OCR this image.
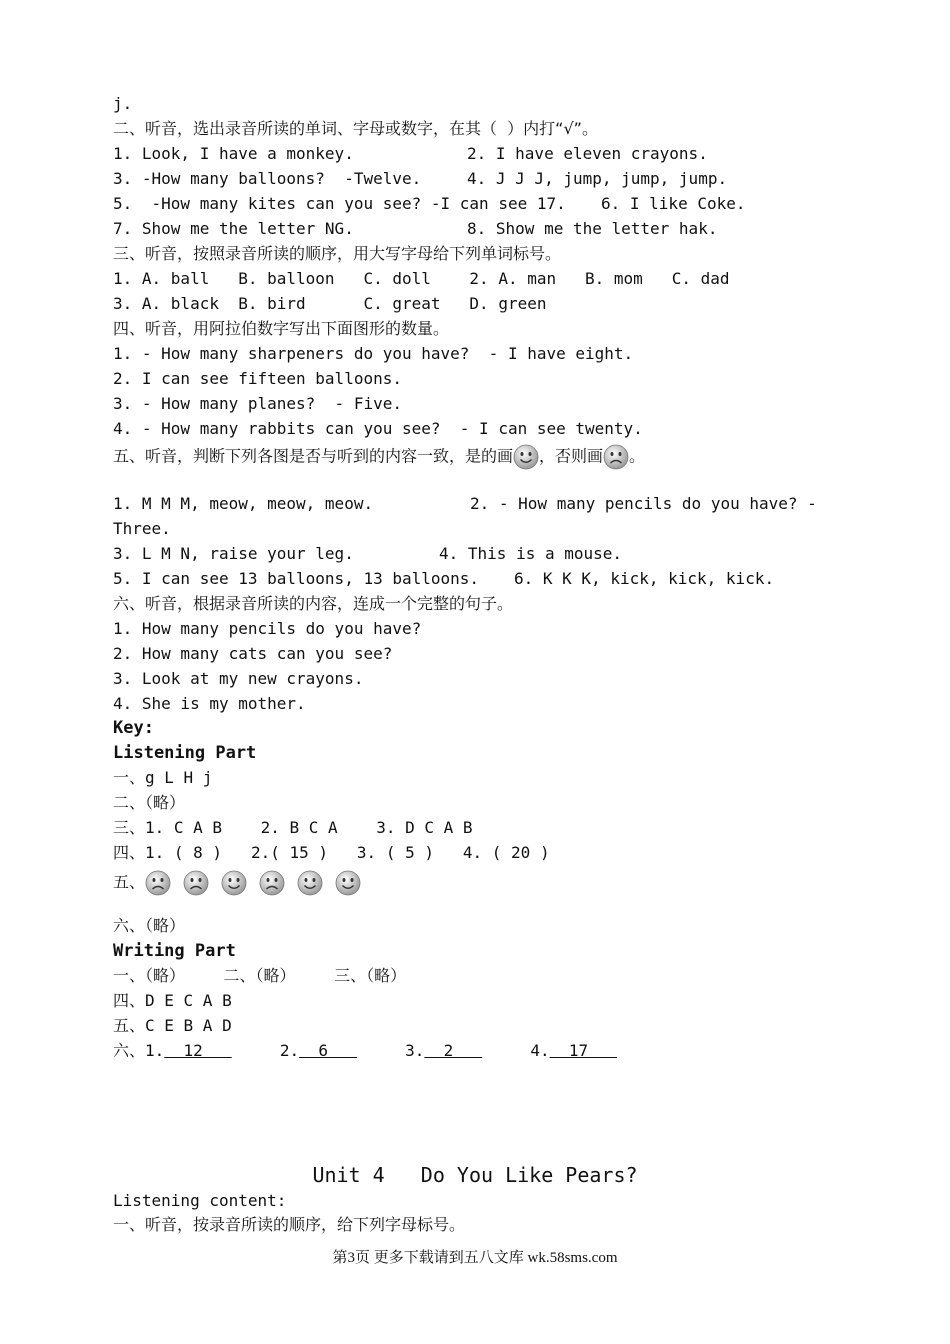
j.
二、听音，选出录音所读的单词、字母或数字，在其（  ）内打“√”。
1. Look, I have a monkey.	2. I have eleven crayons.
3. -How many balloons?  -Twelve.	4. J J J, jump, jump, jump.
5.  -How many kites can you see? -I can see 17. 6. I like Coke.
7. Show me the letter NG.	8. Show me the letter hak.
三、听音，按照录音所读的顺序，用大写字母给下列单词标号。
1. A. ball   B. balloon   C. doll    2. A. man   B. mom   C. dad
3. A. black  B. bird      C. great   D. green
四、听音，用阿拉伯数字写出下面图形的数量。
1. - How many sharpeners do you have?  - I have eight.
2. I can see fifteen balloons.
3. - How many planes?  - Five.
4. - How many rabbits can you see?  - I can see twenty.
五、听音，判断下列各图是否与听到的内容一致，是的画 ，否则画 。
1. M M M, meow, meow, meow.	2. - How many pencils do you have? -
Three.
3. L M N, raise your leg.	4. This is a mouse.
5. I can see 13 balloons, 13 balloons. 6. K K K, kick, kick, kick.
六、听音，根据录音所读的内容，连成一个完整的句子。
1. How many pencils do you have?
2. How many cats can you see?
3. Look at my new crayons.
4. She is my mother.
Key:
Listening Part
一、g L H j
二、（略）
三、1. C A B    2. B C A    3. D C A B
四、1. ( 8 )   2.( 15 )   3. ( 5 )   4. ( 20 )
五、
六、（略）
Writing Part
一、（略）    二、（略）    三、（略）
四、D E C A B
五、C E B A D
六、1.  12	2.  6	3.  2	4.  17
Unit 4   Do You Like Pears?
Listening content:
一、听音，按录音所读的顺序，给下列字母标号。
第3页 更多下载请到五八文库 wk.58sms.com
